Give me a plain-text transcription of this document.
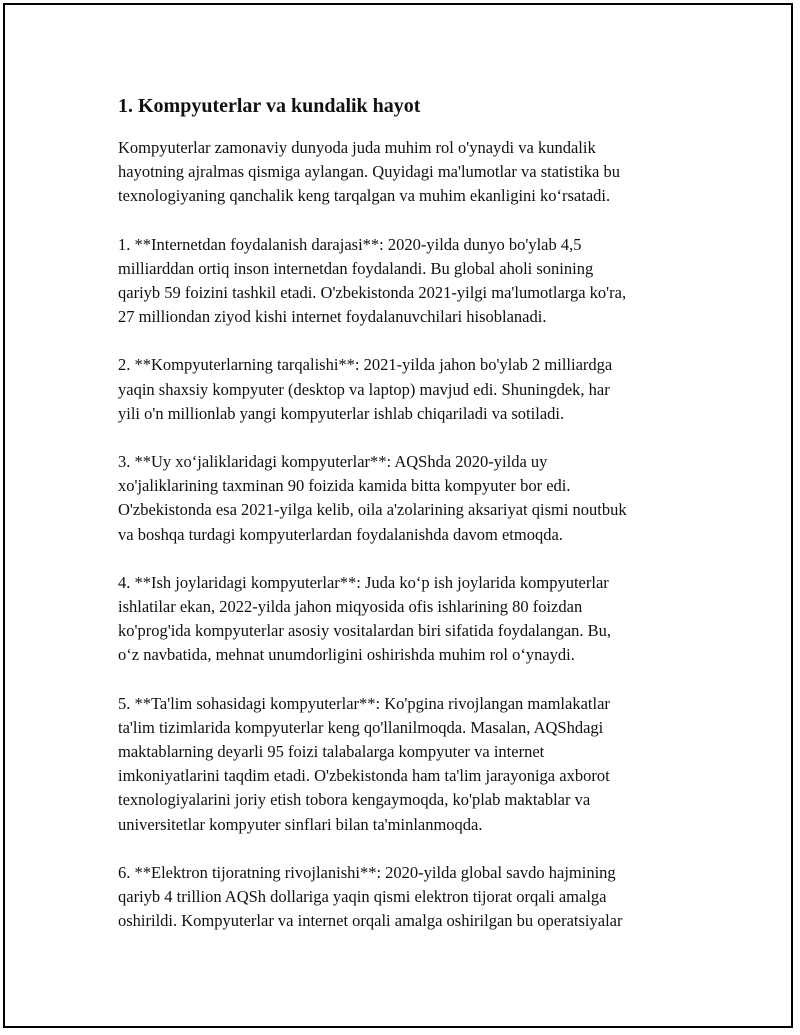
1. Kompyuterlar va kundalik hayot

Kompyuterlar zamonaviy dunyoda juda muhim rol o'ynaydi va kundalik
hayotning ajralmas qismiga aylangan. Quyidagi ma'lumotlar va statistika bu
texnologiyaning qanchalik keng tarqalgan va muhim ekanligini koʻrsatadi.

1. **Internetdan foydalanish darajasi**: 2020-yilda dunyo bo'ylab 4,5
milliarddan ortiq inson internetdan foydalandi. Bu global aholi sonining
qariyb 59 foizini tashkil etadi. O'zbekistonda 2021-yilgi ma'lumotlarga ko'ra,
27 milliondan ziyod kishi internet foydalanuvchilari hisoblanadi.

2. **Kompyuterlarning tarqalishi**: 2021-yilda jahon bo'ylab 2 milliardga
yaqin shaxsiy kompyuter (desktop va laptop) mavjud edi. Shuningdek, har
yili o'n millionlab yangi kompyuterlar ishlab chiqariladi va sotiladi.

3. **Uy xoʻjaliklaridagi kompyuterlar**: AQShda 2020-yilda uy
xo'jaliklarining taxminan 90 foizida kamida bitta kompyuter bor edi.
O'zbekistonda esa 2021-yilga kelib, oila a'zolarining aksariyat qismi noutbuk
va boshqa turdagi kompyuterlardan foydalanishda davom etmoqda.

4. **Ish joylaridagi kompyuterlar**: Juda koʻp ish joylarida kompyuterlar
ishlatilar ekan, 2022-yilda jahon miqyosida ofis ishlarining 80 foizdan
ko'prog'ida kompyuterlar asosiy vositalardan biri sifatida foydalangan. Bu,
oʻz navbatida, mehnat unumdorligini oshirishda muhim rol oʻynaydi.

5. **Ta'lim sohasidagi kompyuterlar**: Ko'pgina rivojlangan mamlakatlar
ta'lim tizimlarida kompyuterlar keng qo'llanilmoqda. Masalan, AQShdagi
maktablarning deyarli 95 foizi talabalarga kompyuter va internet
imkoniyatlarini taqdim etadi. O'zbekistonda ham ta'lim jarayoniga axborot
texnologiyalarini joriy etish tobora kengaymoqda, ko'plab maktablar va
universitetlar kompyuter sinflari bilan ta'minlanmoqda.

6. **Elektron tijoratning rivojlanishi**: 2020-yilda global savdo hajmining
qariyb 4 trillion AQSh dollariga yaqin qismi elektron tijorat orqali amalga
oshirildi. Kompyuterlar va internet orqali amalga oshirilgan bu operatsiyalar
